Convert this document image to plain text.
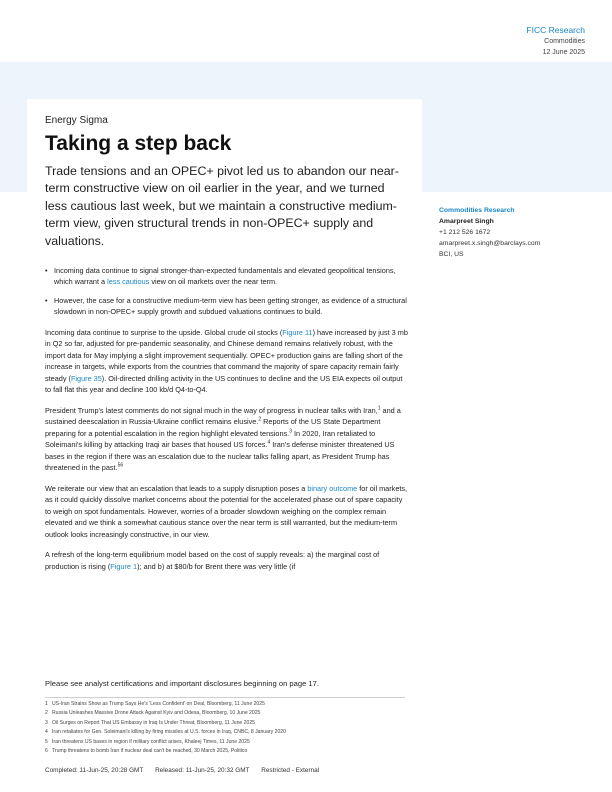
FICC Research
Commodities
12 June 2025
Energy Sigma
Taking a step back
Trade tensions and an OPEC+ pivot led us to abandon our near-term constructive view on oil earlier in the year, and we turned less cautious last week, but we maintain a constructive medium-term view, given structural trends in non-OPEC+ supply and valuations.
• Incoming data continue to signal stronger-than-expected fundamentals and elevated geopolitical tensions, which warrant a less cautious view on oil markets over the near term.
• However, the case for a constructive medium-term view has been getting stronger, as evidence of a structural slowdown in non-OPEC+ supply growth and subdued valuations continues to build.

Incoming data continue to surprise to the upside. Global crude oil stocks (Figure 11) have increased by just 3 mb in Q2 so far, adjusted for pre-pandemic seasonality, and Chinese demand remains relatively robust, with the import data for May implying a slight improvement sequentially. OPEC+ production gains are falling short of the increase in targets, while exports from the countries that command the majority of spare capacity remain fairly steady (Figure 35). Oil-directed drilling activity in the US continues to decline and the US EIA expects oil output to fall flat this year and decline 100 kb/d Q4-to-Q4.

President Trump's latest comments do not signal much in the way of progress in nuclear talks with Iran,$^1$ and a sustained deescalation in Russia-Ukraine conflict remains elusive.$^2$ Reports of the US State Department preparing for a potential escalation in the region highlight elevated tensions.$^3$ In 2020, Iran retaliated to Soleimani's killing by attacking Iraqi air bases that housed US forces.$^4$ Iran's defense minister threatened US bases in the region if there was an escalation due to the nuclear talks falling apart, as President Trump has threatened in the past.$^{56}$

We reiterate our view that an escalation that leads to a supply disruption poses a binary outcome for oil markets, as it could quickly dissolve market concerns about the potential for the accelerated phase out of spare capacity to weigh on spot fundamentals. However, worries of a broader slowdown weighing on the complex remain elevated and we think a somewhat cautious stance over the near term is still warranted, but the medium-term outlook looks increasingly constructive, in our view.

A refresh of the long-term equilibrium model based on the cost of supply reveals: a) the marginal cost of production is rising (Figure 1); and b) at $80/b for Brent there was very little (if

Commodities Research
Amarpreet Singh
+1 212 526 1672
amarpreet.x.singh@barclays.com
BCI, US
Please see analyst certifications and important disclosures beginning on page 17.
1 US-Iran Strains Show as Trump Says He's 'Less Confident' on Deal, Bloomberg, 11 June 2025
2 Russia Unleashes Massive Drone Attack Against Kyiv and Odesa, Bloomberg, 10 June 2025
3 Oil Surges on Report That US Embassy in Iraq Is Under Threat, Bloomberg, 11 June 2025
4 Iran retaliates for Gen. Soleimani's killing by firing missiles at U.S. forces in Iraq, CNBC, 8 January 2020
5 Iran threatens US bases in region if military conflict arises, Khaleej Times, 11 June 2025
6 Trump threatens to bomb Iran if nuclear deal can't be reached, 30 March 2025, Politico
Completed: 11-Jun-25, 20:28 GMT Released: 11-Jun-25, 20:32 GMT Restricted - External
